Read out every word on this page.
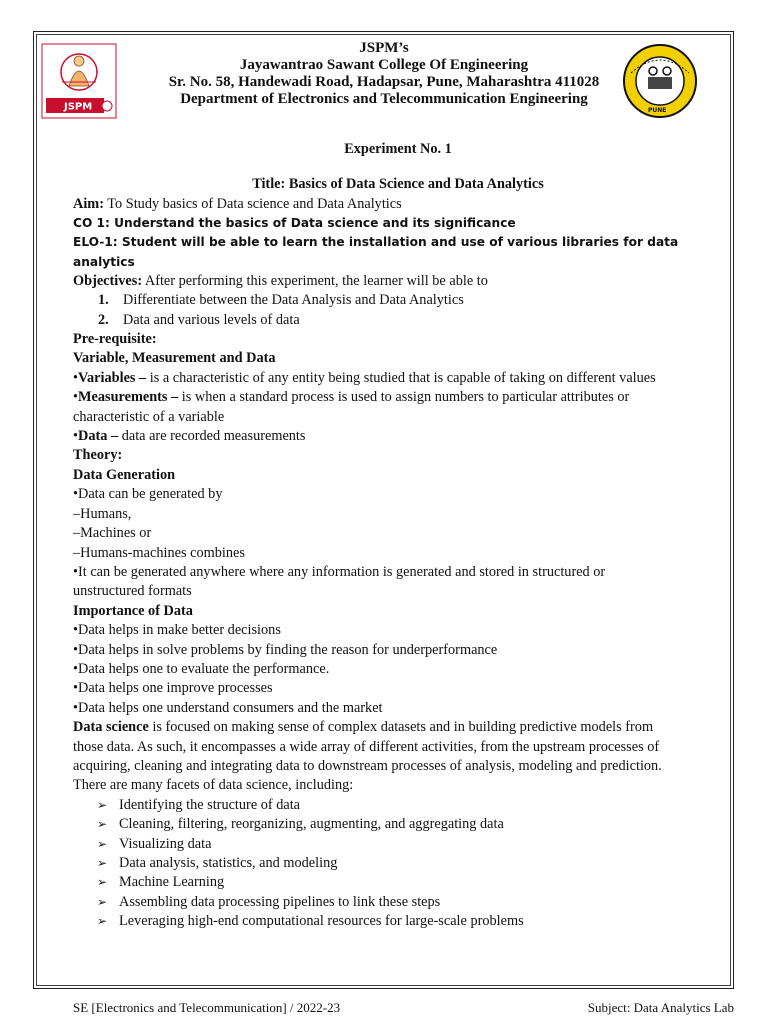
JSPM	PUNE
JSPM’s
Jayawantrao Sawant College Of Engineering
Sr. No. 58, Handewadi Road, Hadapsar, Pune, Maharashtra 411028
Department of Electronics and Telecommunication Engineering
Experiment No. 1
Title: Basics of Data Science and Data Analytics
Aim: To Study basics of Data science and Data Analytics
CO 1: Understand the basics of Data science and its significance
ELO-1: Student will be able to learn the installation and use of various libraries for data
analytics
Objectives: After performing this experiment, the learner will be able to
1. Differentiate between the Data Analysis and Data Analytics
2. Data and various levels of data
Pre-requisite:
Variable, Measurement and Data
•Variables – is a characteristic of any entity being studied that is capable of taking on different values
•Measurements – is when a standard process is used to assign numbers to particular attributes or
characteristic of a variable
•Data – data are recorded measurements
Theory:
Data Generation
•Data can be generated by
–Humans,
–Machines or
–Humans-machines combines
•It can be generated anywhere where any information is generated and stored in structured or
unstructured formats
Importance of Data
•Data helps in make better decisions
•Data helps in solve problems by finding the reason for underperformance
•Data helps one to evaluate the performance.
•Data helps one improve processes
•Data helps one understand consumers and the market
Data science is focused on making sense of complex datasets and in building predictive models from
those data. As such, it encompasses a wide array of different activities, from the upstream processes of
acquiring, cleaning and integrating data to downstream processes of analysis, modeling and prediction.
There are many facets of data science, including:
➢ Identifying the structure of data
➢ Cleaning, filtering, reorganizing, augmenting, and aggregating data
➢ Visualizing data
➢ Data analysis, statistics, and modeling
➢ Machine Learning
➢ Assembling data processing pipelines to link these steps
➢ Leveraging high-end computational resources for large-scale problems
SE [Electronics and Telecommunication] / 2022-23	Subject: Data Analytics Lab
